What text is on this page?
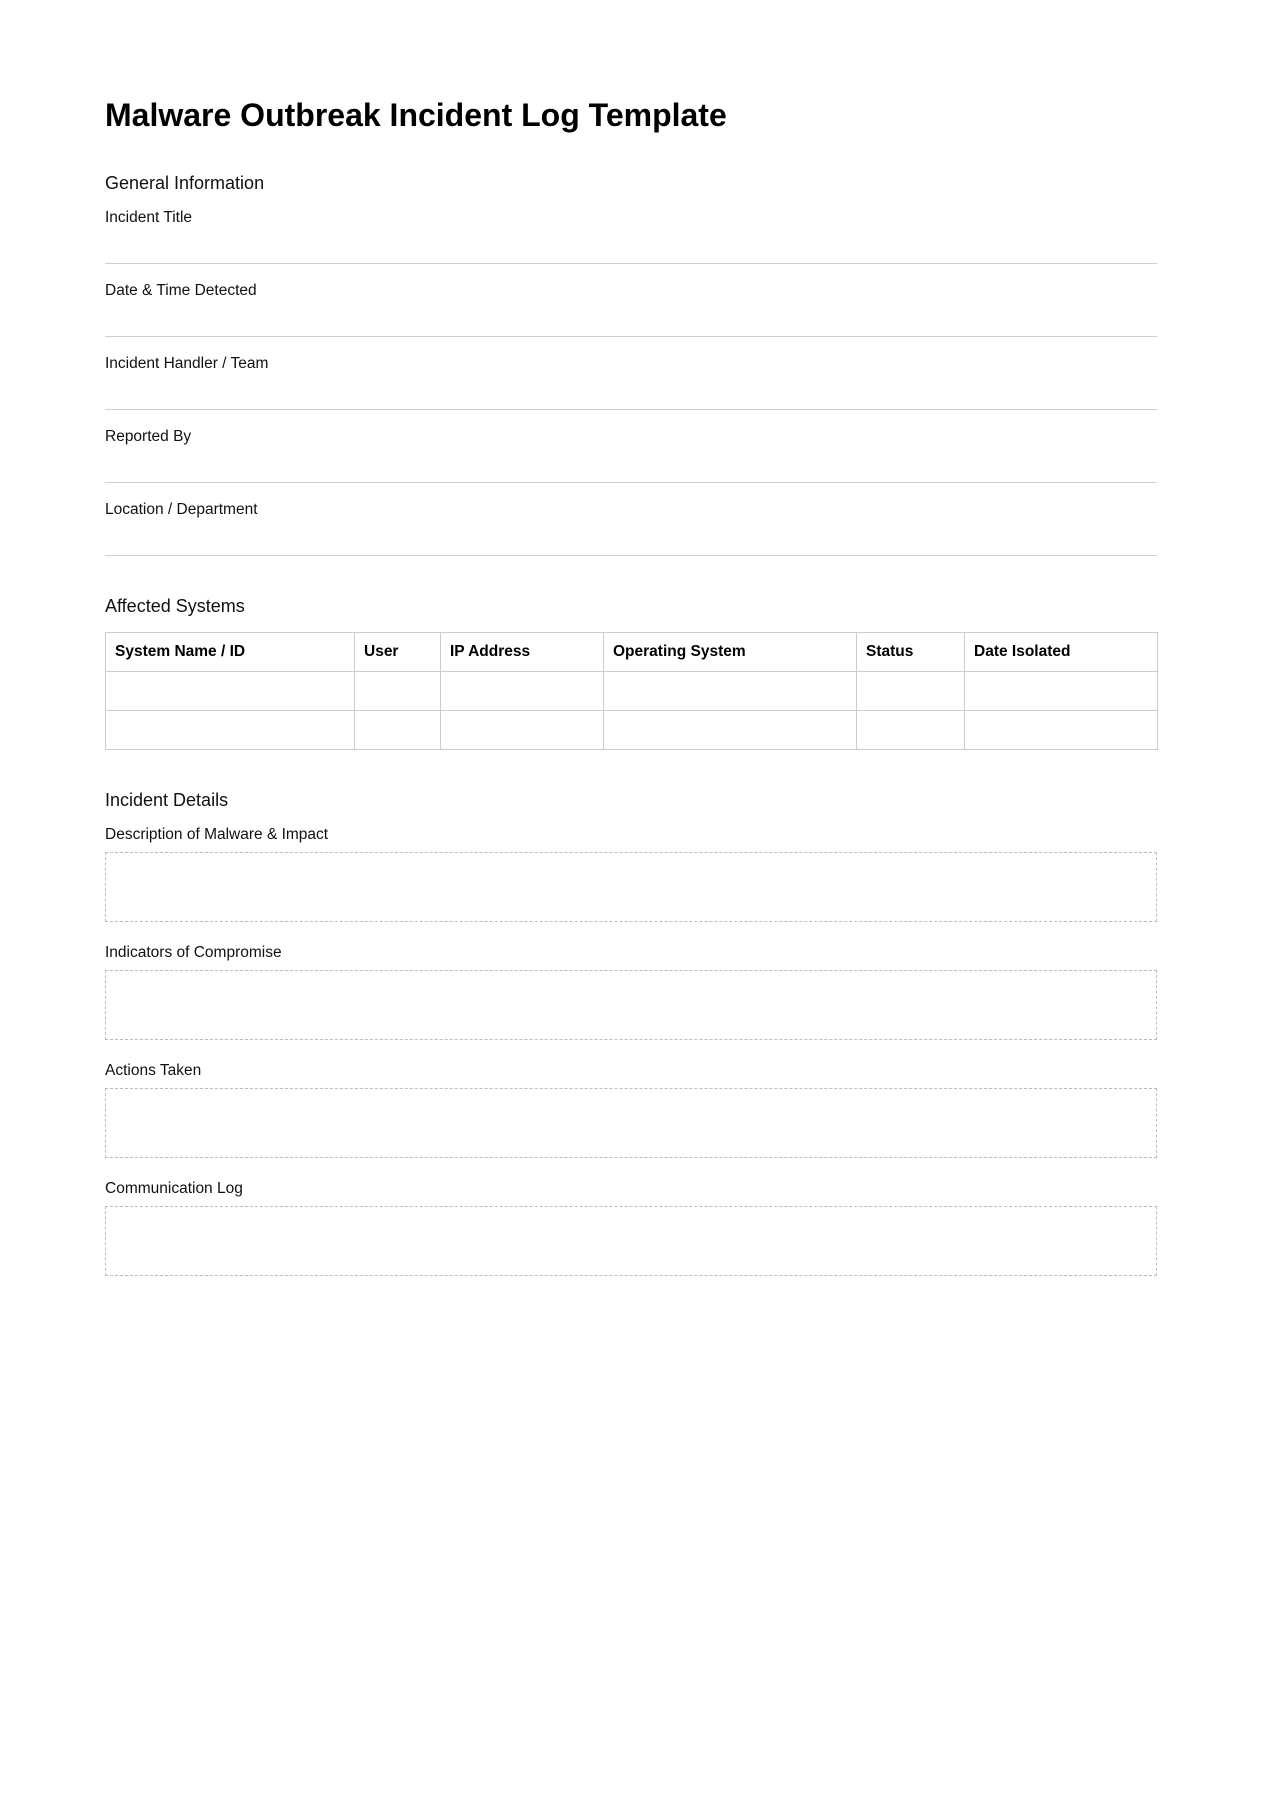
Malware Outbreak Incident Log Template
General Information
Incident Title
Date & Time Detected
Incident Handler / Team
Reported By
Location / Department
Affected Systems
System Name / ID	User	IP Address	Operating System	Status	Date Isolated

Incident Details
Description of Malware & Impact
Indicators of Compromise
Actions Taken
Communication Log
